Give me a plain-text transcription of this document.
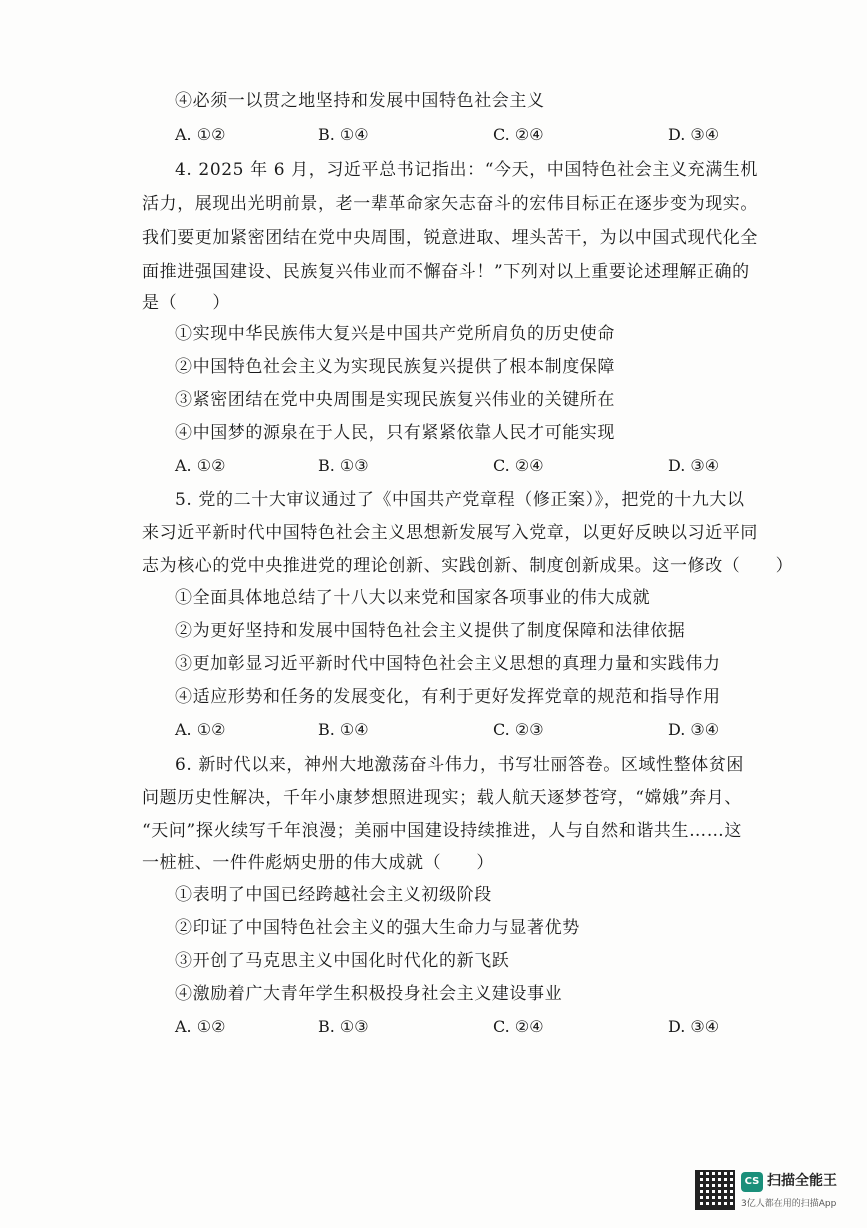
④必须一以贯之地坚持和发展中国特色社会主义
A. ①②	B. ①④	C. ②④	D. ③④
4. 2025 年 6 月，习近平总书记指出：“今天，中国特色社会主义充满生机
活力，展现出光明前景，老一辈革命家矢志奋斗的宏伟目标正在逐步变为现实。
我们要更加紧密团结在党中央周围，锐意进取、埋头苦干，为以中国式现代化全
面推进强国建设、民族复兴伟业而不懈奋斗！”下列对以上重要论述理解正确的
是（　　）
①实现中华民族伟大复兴是中国共产党所肩负的历史使命
②中国特色社会主义为实现民族复兴提供了根本制度保障
③紧密团结在党中央周围是实现民族复兴伟业的关键所在
④中国梦的源泉在于人民，只有紧紧依靠人民才可能实现
A. ①②	B. ①③	C. ②④	D. ③④
5. 党的二十大审议通过了《中国共产党章程（修正案）》，把党的十九大以
来习近平新时代中国特色社会主义思想新发展写入党章，以更好反映以习近平同
志为核心的党中央推进党的理论创新、实践创新、制度创新成果。这一修改（　　）
①全面具体地总结了十八大以来党和国家各项事业的伟大成就
②为更好坚持和发展中国特色社会主义提供了制度保障和法律依据
③更加彰显习近平新时代中国特色社会主义思想的真理力量和实践伟力
④适应形势和任务的发展变化，有利于更好发挥党章的规范和指导作用
A. ①②	B. ①④	C. ②③	D. ③④
6. 新时代以来，神州大地激荡奋斗伟力，书写壮丽答卷。区域性整体贫困
问题历史性解决，千年小康梦想照进现实；载人航天逐梦苍穹，“嫦娥”奔月、
“天问”探火续写千年浪漫；美丽中国建设持续推进，人与自然和谐共生……这
一桩桩、一件件彪炳史册的伟大成就（　　）
①表明了中国已经跨越社会主义初级阶段
②印证了中国特色社会主义的强大生命力与显著优势
③开创了马克思主义中国化时代化的新飞跃
④激励着广大青年学生积极投身社会主义建设事业
A. ①②	B. ①③	C. ②④	D. ③④
CS 扫描全能王
3亿人都在用的扫描App
